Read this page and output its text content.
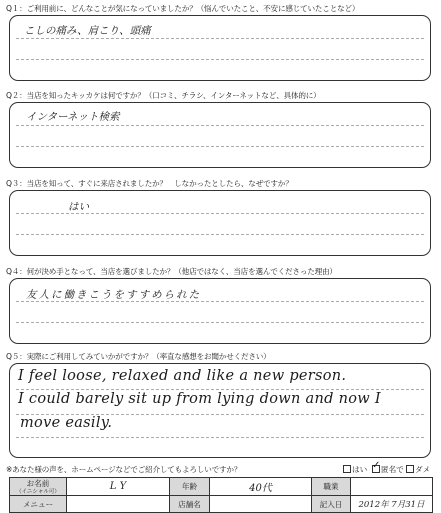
Q１：ご利用前に、どんなことが気になっていましたか？（悩んでいたこと、不安に感じていたことなど）
こしの痛み、肩こり、頭痛
Q２：当店を知ったキッカケは何ですか？（口コミ、チラシ、インターネットなど、具体的に）
インターネット検索
Q３：当店を知って、すぐに来店されましたか？　しなかったとしたら、なぜですか？
はい
Q４：何が決め手となって、当店を選びましたか？（他店ではなく、当店を選んでくださった理由）
友人に働きこうをすすめられた
Q５：実際にご利用してみていかがですか？（率直な感想をお聞かせください）
I feel loose, relaxed and like a new person.
I could barely sit up from lying down and now I
move easily.
※あなた様の声を、ホームページなどでご紹介してもよろしいですか？	はい ✓ 匿名で	ダメ
お名前
（イニシャル可）	L Y	年齢	40代	職業	
メニュー		店舗名		記入日	2012年 7月31日
